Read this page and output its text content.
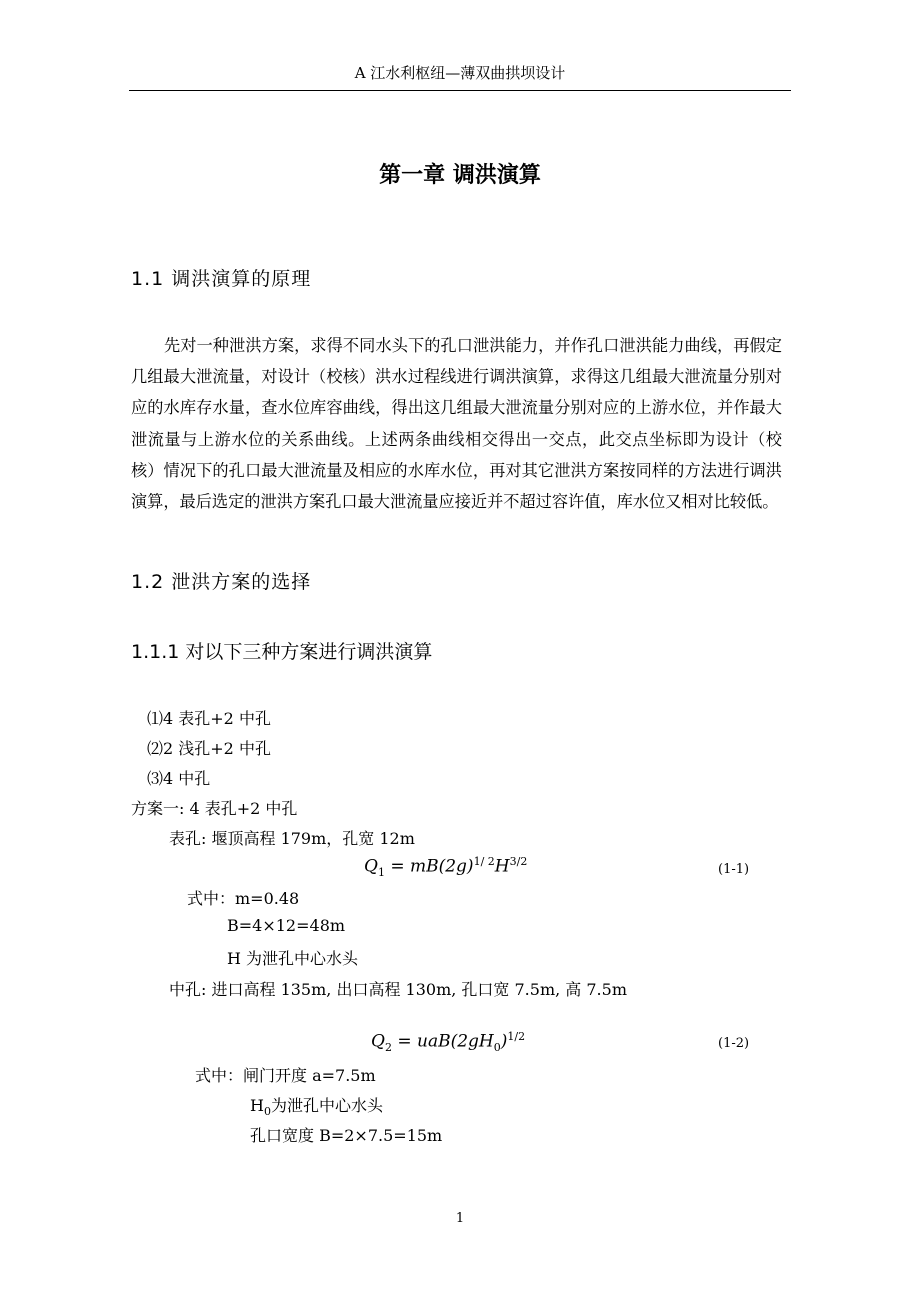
A 江水利枢纽—薄双曲拱坝设计
第一章 调洪演算
1.1 调洪演算的原理
先对一种泄洪方案，求得不同水头下的孔口泄洪能力，并作孔口泄洪能力曲线，再假定几组最大泄流量，对设计（校核）洪水过程线进行调洪演算，求得这几组最大泄流量分别对应的水库存水量，查水位库容曲线，得出这几组最大泄流量分别对应的上游水位，并作最大泄流量与上游水位的关系曲线。上述两条曲线相交得出一交点，此交点坐标即为设计（校核）情况下的孔口最大泄流量及相应的水库水位，再对其它泄洪方案按同样的方法进行调洪演算，最后选定的泄洪方案孔口最大泄流量应接近并不超过容许值，库水位又相对比较低。
1.2 泄洪方案的选择
1.1.1 对以下三种方案进行调洪演算
⑴4 表孔+2 中孔
⑵2 浅孔+2 中孔
⑶4 中孔
方案一: 4 表孔+2 中孔
表孔: 堰顶高程 179m，孔宽 12m
$Q_1 = mB(2g)^{1/ 2}H^{3/2}$
(1-1)
式中：m=0.48
B=4×12=48m
H 为泄孔中心水头
中孔: 进口高程 135m, 出口高程 130m, 孔口宽 7.5m, 高 7.5m
$Q_2 = uaB(2gH_0)^{1/2}$	(1-2)
式中：闸门开度 a=7.5m
$H_0$为泄孔中心水头
孔口宽度 B=2×7.5=15m
1
